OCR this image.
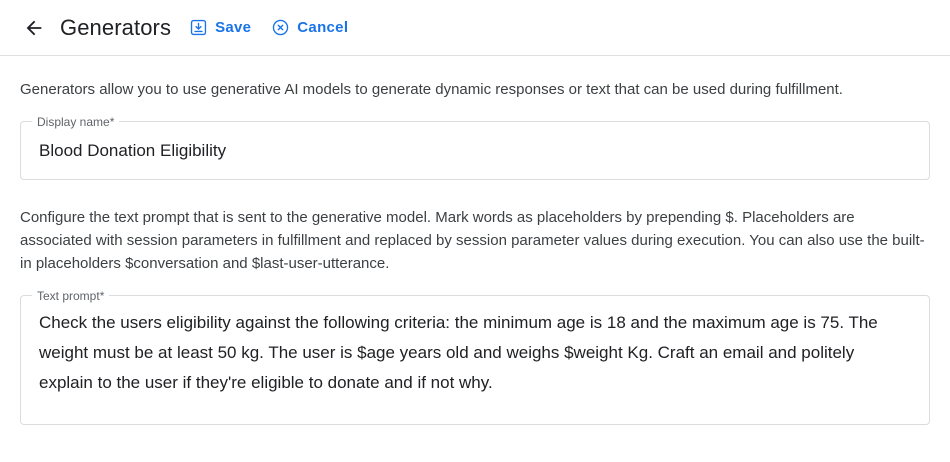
Generators	Save	Cancel

Generators allow you to use generative AI models to generate dynamic responses or text that can be used during fulfillment.

Display name*
Blood Donation Eligibility

Configure the text prompt that is sent to the generative model. Mark words as placeholders by prepending $. Placeholders are associated with session parameters in fulfillment and replaced by session parameter values during execution. You can also use the built-in placeholders $conversation and $last-user-utterance.

Text prompt*
Check the users eligibility against the following criteria: the minimum age is 18 and the maximum age is 75. The weight must be at least 50 kg. The user is $age years old and weighs $weight Kg. Craft an email and politely explain to the user if they're eligible to donate and if not why.
